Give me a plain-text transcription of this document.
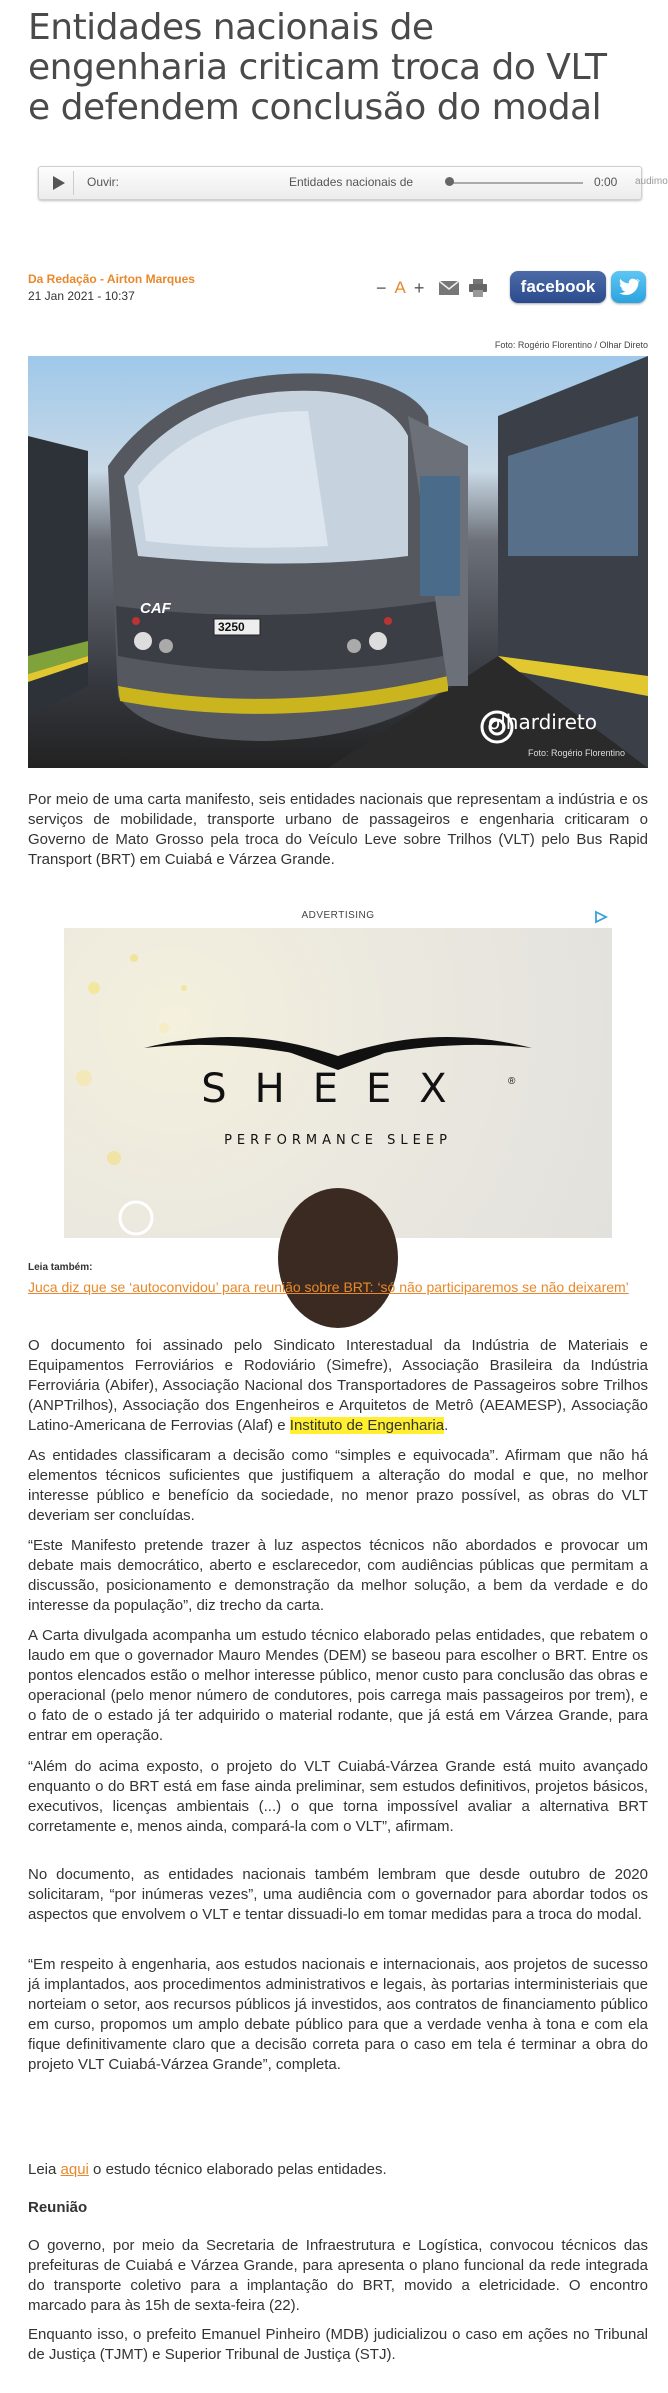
Entidades nacionais de engenharia criticam troca do VLT e defendem conclusão do modal
Ouvir:	Entidades nacionais de	0:00 audimo
Da Redação - Airton Marques
21 Jan 2021 - 10:37	− A +	facebook
Foto: Rogério Florentino / Olhar Direto
CAF
3250
olhardireto
Foto: Rogério Florentino

Por meio de uma carta manifesto, seis entidades nacionais que representam a indústria e os serviços de mobilidade, transporte urbano de passageiros e engenharia criticaram o Governo de Mato Grosso pela troca do Veículo Leve sobre Trilhos (VLT) pelo Bus Rapid Transport (BRT) em Cuiabá e Várzea Grande.

ADVERTISING
SHEEX	®
PERFORMANCE SLEEP
Leia também:
Juca diz que se ‘autoconvidou’ para reunião sobre BRT: ‘só não participaremos se não deixarem’

O documento foi assinado pelo Sindicato Interestadual da Indústria de Materiais e Equipamentos Ferroviários e Rodoviário (Simefre), Associação Brasileira da Indústria Ferroviária (Abifer), Associação Nacional dos Transportadores de Passageiros sobre Trilhos (ANPTrilhos), Associação dos Engenheiros e Arquitetos de Metrô (AEAMESP), Associação Latino-Americana de Ferrovias (Alaf) e Instituto de Engenharia.

As entidades classificaram a decisão como “simples e equivocada”. Afirmam que não há elementos técnicos suficientes que justifiquem a alteração do modal e que, no melhor interesse público e benefício da sociedade, no menor prazo possível, as obras do VLT deveriam ser concluídas.

“Este Manifesto pretende trazer à luz aspectos técnicos não abordados e provocar um debate mais democrático, aberto e esclarecedor, com audiências públicas que permitam a discussão, posicionamento e demonstração da melhor solução, a bem da verdade e do interesse da população”, diz trecho da carta.

A Carta divulgada acompanha um estudo técnico elaborado pelas entidades, que rebatem o laudo em que o governador Mauro Mendes (DEM) se baseou para escolher o BRT. Entre os pontos elencados estão o melhor interesse público, menor custo para conclusão das obras e operacional (pelo menor número de condutores, pois carrega mais passageiros por trem), e o fato de o estado já ter adquirido o material rodante, que já está em Várzea Grande, para entrar em operação.

“Além do acima exposto, o projeto do VLT Cuiabá-Várzea Grande está muito avançado enquanto o do BRT está em fase ainda preliminar, sem estudos definitivos, projetos básicos, executivos, licenças ambientais (...) o que torna impossível avaliar a alternativa BRT corretamente e, menos ainda, compará-la com o VLT”, afirmam.

No documento, as entidades nacionais também lembram que desde outubro de 2020 solicitaram, “por inúmeras vezes”, uma audiência com o governador para abordar todos os aspectos que envolvem o VLT e tentar dissuadi-lo em tomar medidas para a troca do modal.

“Em respeito à engenharia, aos estudos nacionais e internacionais, aos projetos de sucesso já implantados, aos procedimentos administrativos e legais, às portarias interministeriais que norteiam o setor, aos recursos públicos já investidos, aos contratos de financiamento público em curso, propomos um amplo debate público para que a verdade venha à tona e com ela fique definitivamente claro que a decisão correta para o caso em tela é terminar a obra do projeto VLT Cuiabá-Várzea Grande”, completa.

Leia aqui o estudo técnico elaborado pelas entidades.

Reunião

O governo, por meio da Secretaria de Infraestrutura e Logística, convocou técnicos das prefeituras de Cuiabá e Várzea Grande, para apresenta o plano funcional da rede integrada do transporte coletivo para a implantação do BRT, movido a eletricidade. O encontro marcado para às 15h de sexta-feira (22).

Enquanto isso, o prefeito Emanuel Pinheiro (MDB) judicializou o caso em ações no Tribunal de Justiça (TJMT) e Superior Tribunal de Justiça (STJ).
